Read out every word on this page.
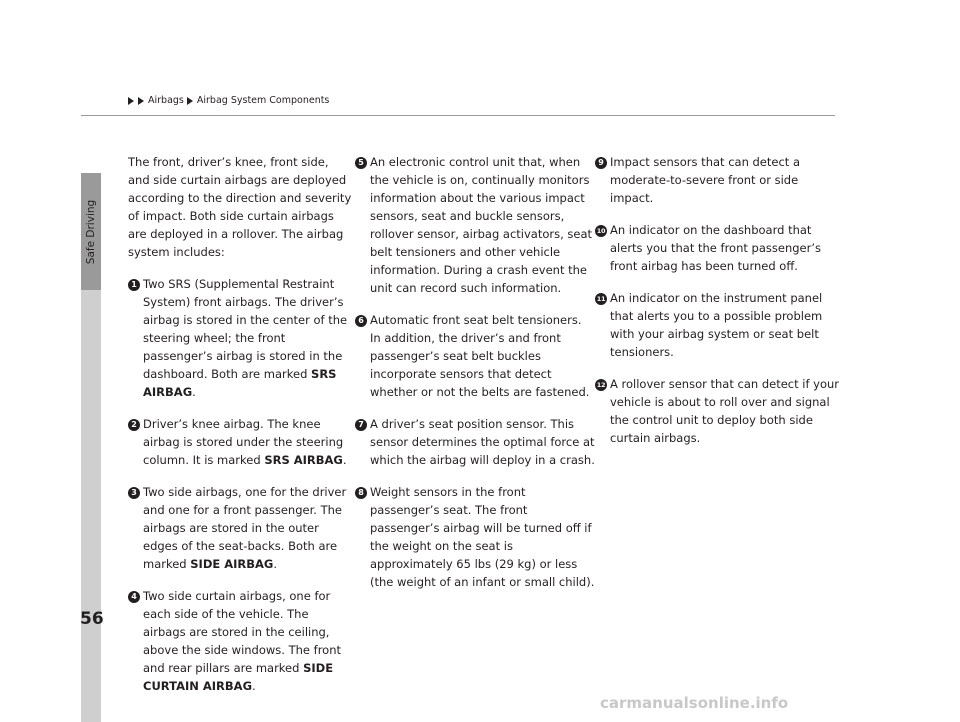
Safe Driving
Airbags Airbag System Components

The front, driver’s knee, front side, and side curtain airbags are deployed according to the direction and severity of impact. Both side curtain airbags are deployed in a rollover. The airbag system includes:

1 Two SRS (Supplemental Restraint System) front airbags. The driver’s airbag is stored in the center of the steering wheel; the front passenger’s airbag is stored in the dashboard. Both are marked SRS AIRBAG.
2 Driver’s knee airbag. The knee airbag is stored under the steering column. It is marked SRS AIRBAG.
3 Two side airbags, one for the driver and one for a front passenger. The airbags are stored in the outer edges of the seat-backs. Both are marked SIDE AIRBAG.
4 Two side curtain airbags, one for each side of the vehicle. The airbags are stored in the ceiling, above the side windows. The front and rear pillars are marked SIDE CURTAIN AIRBAG.
5 An electronic control unit that, when the vehicle is on, continually monitors information about the various impact sensors, seat and buckle sensors, rollover sensor, airbag activators, seat belt tensioners and other vehicle information. During a crash event the unit can record such information.
6 Automatic front seat belt tensioners. In addition, the driver’s and front passenger’s seat belt buckles incorporate sensors that detect whether or not the belts are fastened.
7 A driver’s seat position sensor. This sensor determines the optimal force at which the airbag will deploy in a crash.
8 Weight sensors in the front passenger’s seat. The front passenger’s airbag will be turned off if the weight on the seat is approximately 65 lbs (29 kg) or less (the weight of an infant or small child).
9 Impact sensors that can detect a moderate-to-severe front or side impact.
10 An indicator on the dashboard that alerts you that the front passenger’s front airbag has been turned off.
11 An indicator on the instrument panel that alerts you to a possible problem with your airbag system or seat belt tensioners.
12 A rollover sensor that can detect if your vehicle is about to roll over and signal the control unit to deploy both side curtain airbags.
56
carmanualsonline.info
